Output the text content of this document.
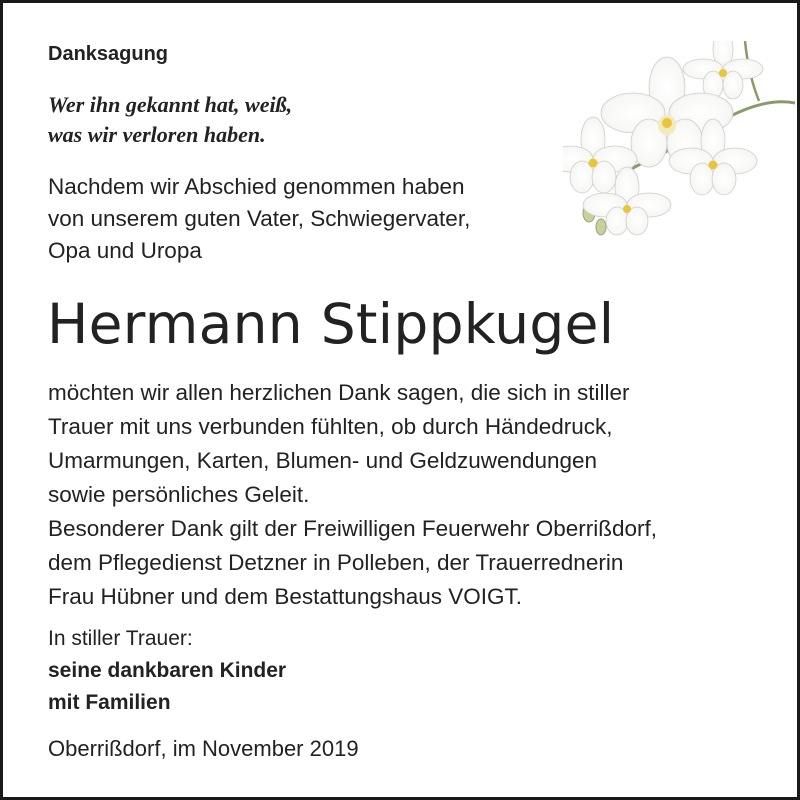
Danksagung
Wer ihn gekannt hat, weiß,
was wir verloren haben.
Nachdem wir Abschied genommen haben
von unserem guten Vater, Schwiegervater,
Opa und Uropa
Hermann Stippkugel
möchten wir allen herzlichen Dank sagen, die sich in stiller
Trauer mit uns verbunden fühlten, ob durch Händedruck,
Umarmungen, Karten, Blumen- und Geldzuwendungen
sowie persönliches Geleit.
Besonderer Dank gilt der Freiwilligen Feuerwehr Oberrißdorf,
dem Pflegedienst Detzner in Polleben, der Trauerrednerin
Frau Hübner und dem Bestattungshaus VOIGT.
In stiller Trauer:
seine dankbaren Kinder
mit Familien
Oberrißdorf, im November 2019
